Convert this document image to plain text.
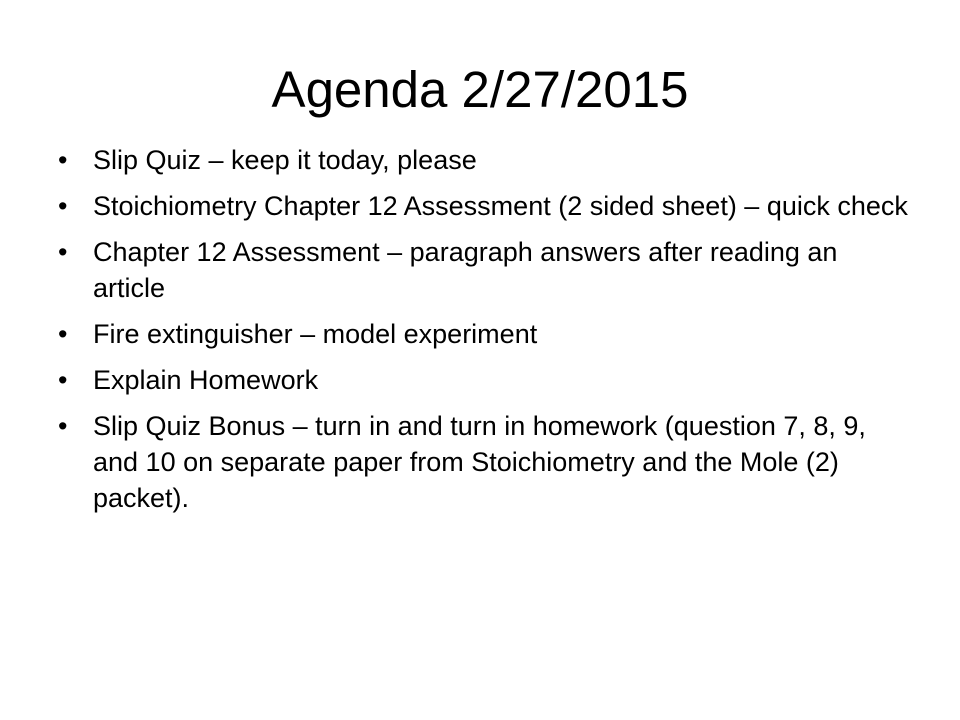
Agenda 2/27/2015
• Slip Quiz – keep it today, please
• Stoichiometry Chapter 12 Assessment (2 sided sheet) – quick check
• Chapter 12 Assessment – paragraph answers after reading an article
• Fire extinguisher – model experiment
• Explain Homework
• Slip Quiz Bonus – turn in and turn in homework (question 7, 8, 9, and 10 on separate paper from Stoichiometry and the Mole (2) packet).
